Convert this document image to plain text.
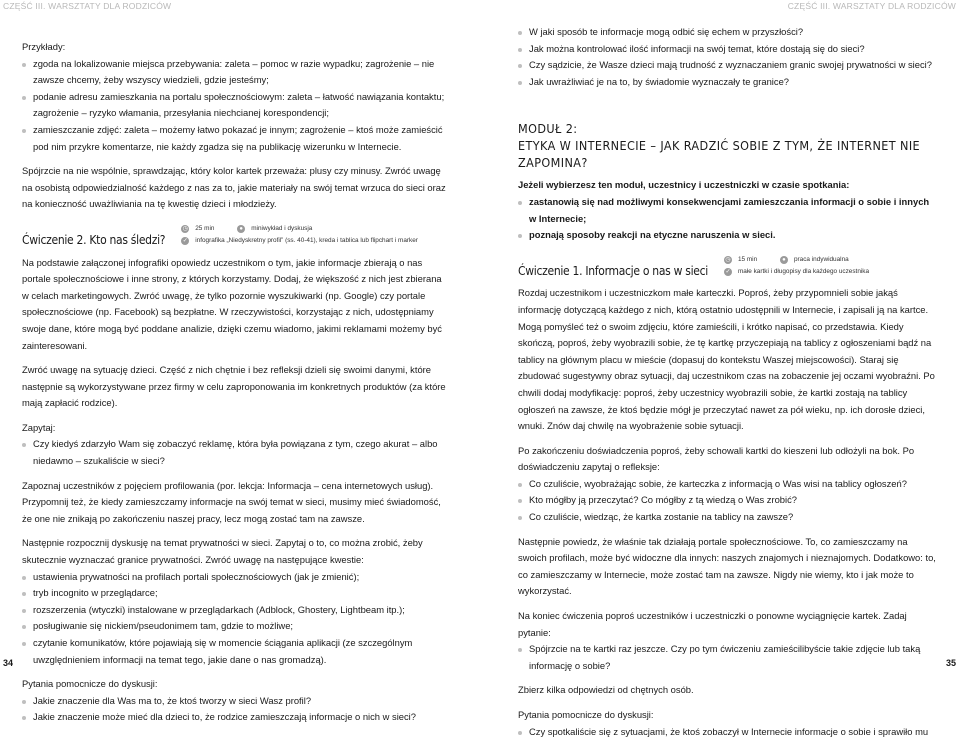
CZĘŚĆ III. WARSZTATY DLA RODZICÓW

Przykłady:

zgoda na lokalizowanie miejsca przebywania: zaleta – pomoc w razie wypadku; zagrożenie – nie zawsze chcemy, żeby wszyscy wiedzieli, gdzie jesteśmy;
podanie adresu zamieszkania na portalu społecznościowym: zaleta – łatwość nawiązania kontaktu; zagrożenie – ryzyko włamania, przesyłania niechcianej korespondencji;
zamieszczanie zdjęć: zaleta – możemy łatwo pokazać je innym; zagrożenie – ktoś może zamieścić pod nim przykre komentarze, nie każdy zgadza się na publikację wizerunku w Internecie.

Spójrzcie na nie wspólnie, sprawdzając, który kolor kartek przeważa: plusy czy minusy. Zwróć uwagę na osobistą odpowiedzialność każdego z nas za to, jakie materiały na swój temat wrzuca do sieci oraz na konieczność uważliwiania na tę kwestię dzieci i młodzieży.

Ćwiczenie 2. Kto nas śledzi?
◷ 25 min	●	miniwykład i dyskusja
✓ infografika „Niedyskretny profil” (ss. 40-41), kreda i tablica lub flipchart i marker

Na podstawie załączonej infografiki opowiedz uczestnikom o tym, jakie informacje zbierają o nas portale społecznościowe i inne strony, z których korzystamy. Dodaj, że większość z nich jest zbierana w celach marketingowych. Zwróć uwagę, że tylko pozornie wyszukiwarki (np. Google) czy portale społecznościowe (np. Facebook) są bezpłatne. W rzeczywistości, korzystając z nich, udostępniamy swoje dane, które mogą być poddane analizie, dzięki czemu wiadomo, jakimi reklamami możemy być zainteresowani.

Zwróć uwagę na sytuację dzieci. Część z nich chętnie i bez refleksji dzieli się swoimi danymi, które następnie są wykorzystywane przez firmy w celu zaproponowania im konkretnych produktów (za które mają zapłacić rodzice).

Zapytaj:

Czy kiedyś zdarzyło Wam się zobaczyć reklamę, która była powiązana z tym, czego akurat – albo niedawno – szukaliście w sieci?

Zapoznaj uczestników z pojęciem profilowania (por. lekcja: Informacja – cena internetowych usług). Przypomnij też, że kiedy zamieszczamy informacje na swój temat w sieci, musimy mieć świadomość, że one nie znikają po zakończeniu naszej pracy, lecz mogą zostać tam na zawsze.

Następnie rozpocznij dyskusję na temat prywatności w sieci. Zapytaj o to, co można zrobić, żeby skutecznie wyznaczać granice prywatności. Zwróć uwagę na następujące kwestie:

ustawienia prywatności na profilach portali społecznościowych (jak je zmienić);
tryb incognito w przeglądarce;
rozszerzenia (wtyczki) instalowane w przeglądarkach (Adblock, Ghostery, Lightbeam itp.);
posługiwanie się nickiem/pseudonimem tam, gdzie to możliwe;
czytanie komunikatów, które pojawiają się w momencie ściągania aplikacji (ze szczególnym uwzględnieniem informacji na temat tego, jakie dane o nas gromadzą).

Pytania pomocnicze do dyskusji:

Jakie znaczenie dla Was ma to, że ktoś tworzy w sieci Wasz profil?
Jakie znaczenie może mieć dla dzieci to, że rodzice zamieszczają informacje o nich w sieci?
34
CZĘŚĆ III. WARSZTATY DLA RODZICÓW
W jaki sposób te informacje mogą odbić się echem w przyszłości?
Jak można kontrolować ilość informacji na swój temat, które dostają się do sieci?
Czy sądzicie, że Wasze dzieci mają trudność z wyznaczaniem granic swojej prywatności w sieci?
Jak uwrażliwiać je na to, by świadomie wyznaczały te granice?
MODUŁ 2:
ETYKA W INTERNECIE – JAK RADZIĆ SOBIE Z TYM, ŻE INTERNET NIE ZAPOMINA?

Jeżeli wybierzesz ten moduł, uczestnicy i uczestniczki w czasie spotkania:

zastanowią się nad możliwymi konsekwencjami zamieszczania informacji o sobie i innych w Internecie;
poznają sposoby reakcji na etyczne naruszenia w sieci.
Ćwiczenie 1. Informacje o nas w sieci
◷ 15 min	●	praca indywidualna
✓ małe kartki i długopisy dla każdego uczestnika

Rozdaj uczestnikom i uczestniczkom małe karteczki. Poproś, żeby przypomnieli sobie jakąś informację dotyczącą każdego z nich, którą ostatnio udostępnili w Internecie, i zapisali ją na kartce. Mogą pomyśleć też o swoim zdjęciu, które zamieścili, i krótko napisać, co przedstawia. Kiedy skończą, poproś, żeby wyobrazili sobie, że tę kartkę przyczepiają na tablicy z ogłoszeniami bądź na tablicy na głównym placu w mieście (dopasuj do kontekstu Waszej miejscowości). Staraj się zbudować sugestywny obraz sytuacji, daj uczestnikom czas na zobaczenie jej oczami wyobraźni. Po chwili dodaj modyfikację: poproś, żeby uczestnicy wyobrazili sobie, że kartki zostają na tablicy ogłoszeń na zawsze, że ktoś będzie mógł je przeczytać nawet za pół wieku, np. ich dorosłe dzieci, wnuki. Znów daj chwilę na wyobrażenie sobie sytuacji.

Po zakończeniu doświadczenia poproś, żeby schowali kartki do kieszeni lub odłożyli na bok. Po doświadczeniu zapytaj o refleksje:

Co czuliście, wyobrażając sobie, że karteczka z informacją o Was wisi na tablicy ogłoszeń?
Kto mógłby ją przeczytać? Co mógłby z tą wiedzą o Was zrobić?
Co czuliście, wiedząc, że kartka zostanie na tablicy na zawsze?

Następnie powiedz, że właśnie tak działają portale społecznościowe. To, co zamieszczamy na swoich profilach, może być widoczne dla innych: naszych znajomych i nieznajomych. Dodatkowo: to, co zamieszczamy w Internecie, może zostać tam na zawsze. Nigdy nie wiemy, kto i jak może to wykorzystać.

Na koniec ćwiczenia poproś uczestników i uczestniczki o ponowne wyciągnięcie kartek. Zadaj pytanie:

Spójrzcie na te kartki raz jeszcze. Czy po tym ćwiczeniu zamieścilibyście takie zdjęcie lub taką informację o sobie?

Zbierz kilka odpowiedzi od chętnych osób.

Pytania pomocnicze do dyskusji:

Czy spotkaliście się z sytuacjami, że ktoś zobaczył w Internecie informacje o sobie i sprawiło mu
35
